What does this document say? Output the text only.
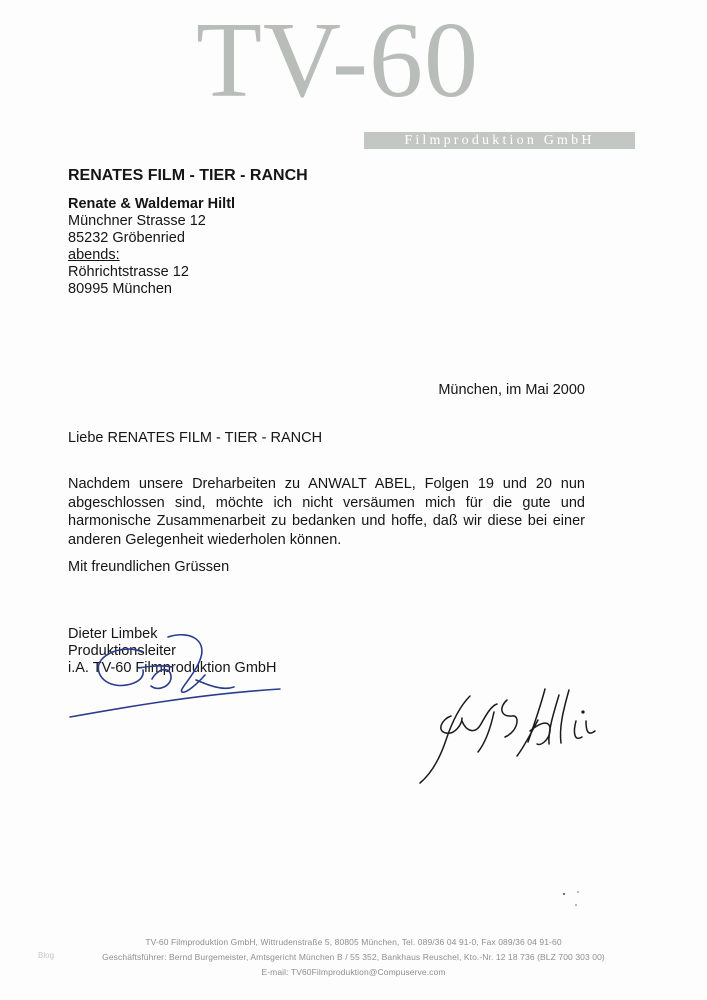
TV-60
Filmproduktion GmbH
RENATES FILM - TIER - RANCH
Renate & Waldemar Hiltl
Münchner Strasse 12
85232 Gröbenried
abends:
Röhrichtstrasse 12
80995 München
München, im Mai 2000
Liebe RENATES FILM - TIER - RANCH
Nachdem unsere Dreharbeiten zu ANWALT ABEL, Folgen 19 und 20 nun abgeschlossen sind, möchte ich nicht versäumen mich für die gute und harmonische Zusammenarbeit zu bedanken und hoffe, daß wir diese bei einer anderen Gelegenheit wiederholen können.
Mit freundlichen Grüssen
Dieter Limbek
Produktionsleiter
i.A. TV-60 Filmproduktion GmbH
TV-60 Filmproduktion GmbH, Wittrudenstraße 5, 80805 München, Tel. 089/36 04 91-0, Fax 089/36 04 91-60
Geschäftsführer: Bernd Burgemeister, Amtsgericht München B / 55 352, Bankhaus Reuschel, Kto.-Nr. 12 18 736 (BLZ 700 303 00)
E-mail: TV60Filmproduktion@Compuserve.com
Blog
